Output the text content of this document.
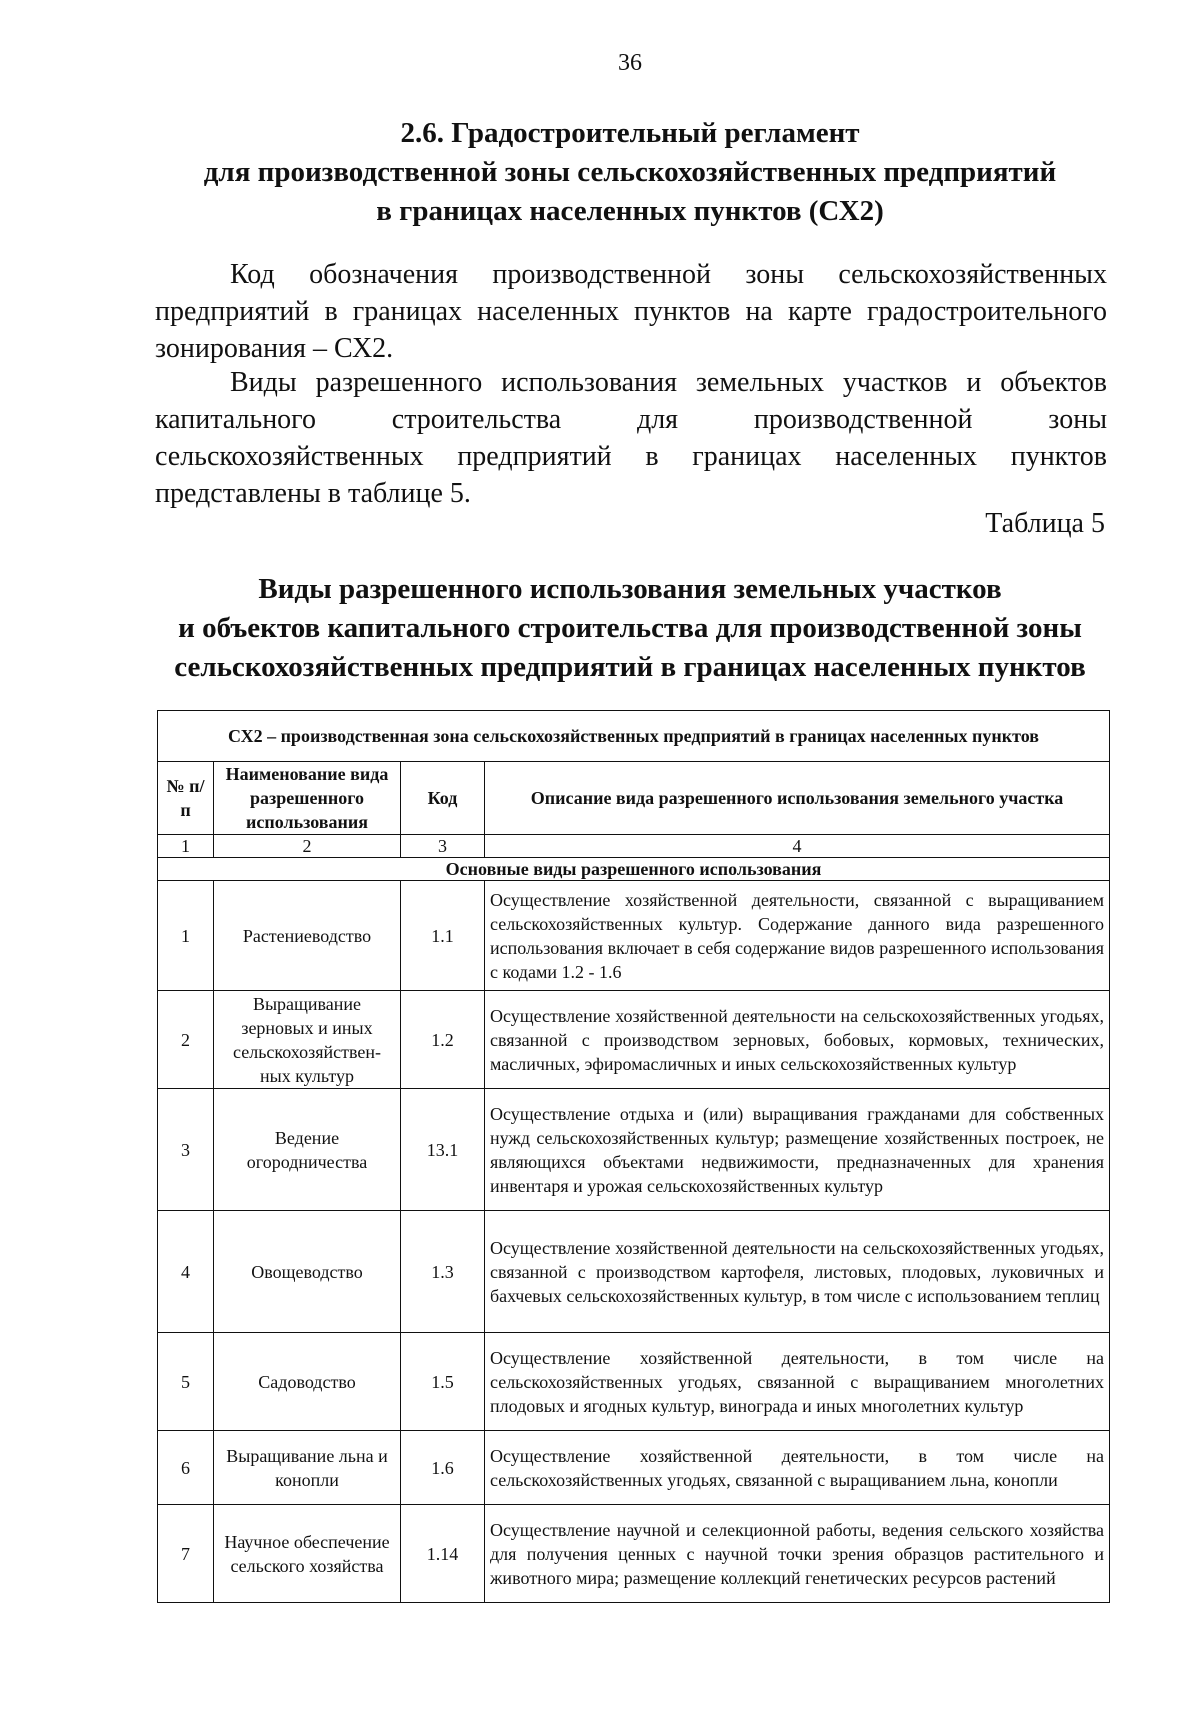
36
2.6. Градостроительный регламент
для производственной зоны сельскохозяйственных предприятий
в границах населенных пунктов (СХ2)

Код обозначения производственной зоны сельскохозяйственных предприятий в границах населенных пунктов на карте градостроительного зонирования – СХ2.

Виды разрешенного использования земельных участков и объектов капитального строительства для производственной зоны сельскохозяйственных предприятий в границах населенных пунктов представлены в таблице 5.

Таблица 5
Виды разрешенного использования земельных участков
и объектов капитального строительства для производственной зоны
сельскохозяйственных предприятий в границах населенных пунктов
СХ2 – производственная зона сельскохозяйственных предприятий в границах населенных пунктов			
№ п/п	Наименование вида разрешенного использования	Код	Описание вида разрешенного использования земельного участка
1	2	3	4
Основные виды разрешенного использования			
1	Растениеводство	1.1	Осуществление хозяйственной деятельности, связанной с выращиванием сельскохозяйственных культур. Содержание данного вида разрешенного использования включает в себя содержание видов разрешенного использования с кодами 1.2 - 1.6
2	Выращивание зерновых и иных сельскохозяйствен-ных культур	1.2	Осуществление хозяйственной деятельности на сельскохозяйственных угодьях, связанной с производством зерновых, бобовых, кормовых, технических, масличных, эфиромасличных и иных сельскохозяйственных культур
3	Ведение огородничества	13.1	Осуществление отдыха и (или) выращивания гражданами для собственных нужд сельскохозяйственных культур; размещение хозяйственных построек, не являющихся объектами недвижимости, предназначенных для хранения инвентаря и урожая сельскохозяйственных культур
4	Овощеводство	1.3	Осуществление хозяйственной деятельности на сельскохозяйственных угодьях, связанной с производством картофеля, листовых, плодовых, луковичных и бахчевых сельскохозяйственных культур, в том числе с использованием теплиц
5	Садоводство	1.5	Осуществление хозяйственной деятельности, в том числе на сельскохозяйственных угодьях, связанной с выращиванием многолетних плодовых и ягодных культур, винограда и иных многолетних культур
6	Выращивание льна и конопли	1.6	Осуществление хозяйственной деятельности, в том числе на сельскохозяйственных угодьях, связанной с выращиванием льна, конопли
7	Научное обеспечение сельского хозяйства	1.14	Осуществление научной и селекционной работы, ведения сельского хозяйства для получения ценных с научной точки зрения образцов растительного и животного мира; размещение коллекций генетических ресурсов растений
